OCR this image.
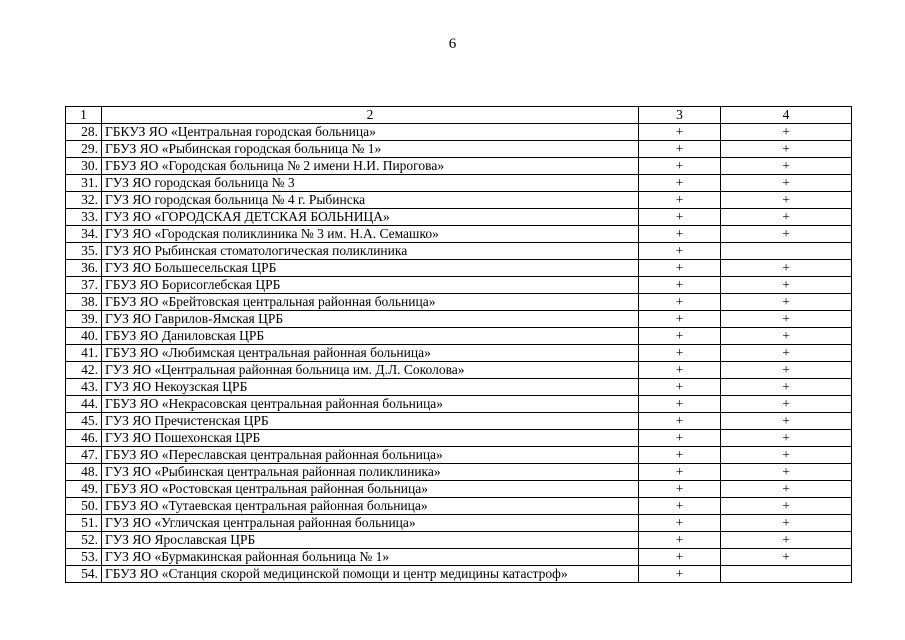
6
1	2	3	4
28.	ГБКУЗ ЯО «Центральная городская больница»	+	+
29.	ГБУЗ ЯО «Рыбинская городская больница № 1»	+	+
30.	ГБУЗ ЯО «Городская больница № 2 имени Н.И. Пирогова»	+	+
31.	ГУЗ ЯО городская больница № 3	+	+
32.	ГУЗ ЯО городская больница № 4 г. Рыбинска	+	+
33.	ГУЗ ЯО «ГОРОДСКАЯ ДЕТСКАЯ БОЛЬНИЦА»	+	+
34.	ГУЗ ЯО «Городская поликлиника № 3 им. Н.А. Семашко»	+	+
35.	ГУЗ ЯО Рыбинская стоматологическая поликлиника	+	
36.	ГУЗ ЯО Большесельская ЦРБ	+	+
37.	ГБУЗ ЯО Борисоглебская ЦРБ	+	+
38.	ГБУЗ ЯО «Брейтовская центральная районная больница»	+	+
39.	ГУЗ ЯО Гаврилов-Ямская ЦРБ	+	+
40.	ГБУЗ ЯО Даниловская ЦРБ	+	+
41.	ГБУЗ ЯО «Любимская центральная районная больница»	+	+
42.	ГУЗ ЯО «Центральная районная больница им. Д.Л. Соколова»	+	+
43.	ГУЗ ЯО Некоузская ЦРБ	+	+
44.	ГБУЗ ЯО «Некрасовская центральная районная больница»	+	+
45.	ГУЗ ЯО Пречистенская ЦРБ	+	+
46.	ГУЗ ЯО Пошехонская ЦРБ	+	+
47.	ГБУЗ ЯО «Переславская центральная районная больница»	+	+
48.	ГУЗ ЯО «Рыбинская центральная районная поликлиника»	+	+
49.	ГБУЗ ЯО «Ростовская центральная районная больница»	+	+
50.	ГБУЗ ЯО «Тутаевская центральная районная больница»	+	+
51.	ГУЗ ЯО «Угличская центральная районная больница»	+	+
52.	ГУЗ ЯО Ярославская ЦРБ	+	+
53.	ГУЗ ЯО «Бурмакинская районная больница № 1»	+	+
54.	ГБУЗ ЯО «Станция скорой медицинской помощи и центр медицины катастроф»	+	
